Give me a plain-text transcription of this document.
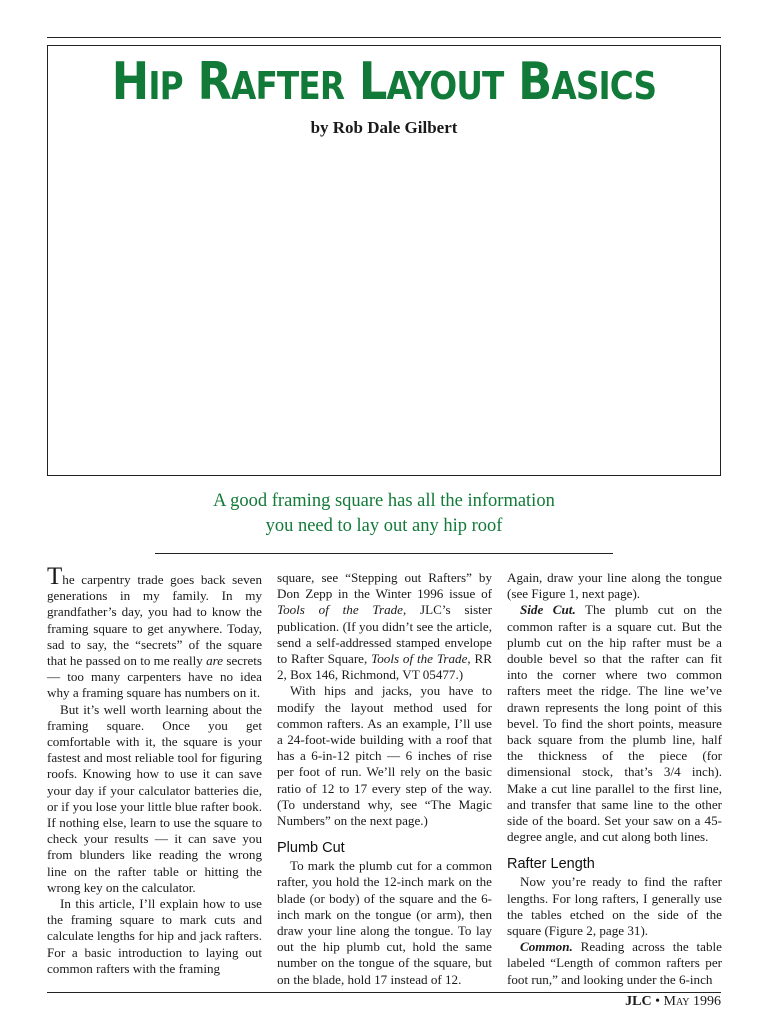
HIP RAFTER LAYOUT BASICS
by Rob Dale Gilbert
A good framing square has all the information
you need to lay out any hip roof

The carpentry trade goes back seven generations in my family. In my grandfather’s day, you had to know the framing square to get anywhere. Today, sad to say, the “secrets” of the square that he passed on to me really are secrets — too many carpenters have no idea why a framing square has numbers on it.

But it’s well worth learning about the framing square. Once you get comfortable with it, the square is your fastest and most reliable tool for figuring roofs. Knowing how to use it can save your day if your calculator batteries die, or if you lose your little blue rafter book. If nothing else, learn to use the square to check your results — it can save you from blunders like reading the wrong line on the rafter table or hitting the wrong key on the calculator.

In this article, I’ll explain how to use the framing square to mark cuts and calculate lengths for hip and jack rafters. For a basic introduction to laying out common rafters with the framing

square, see “Stepping out Rafters” by Don Zepp in the Winter 1996 issue of Tools of the Trade, JLC’s sister publication. (If you didn’t see the article, send a self-addressed stamped envelope to Rafter Square, Tools of the Trade, RR 2, Box 146, Richmond, VT 05477.)

With hips and jacks, you have to modify the layout method used for common rafters. As an example, I’ll use a 24-foot-wide building with a roof that has a 6-in-12 pitch — 6 inches of rise per foot of run. We’ll rely on the basic ratio of 12 to 17 every step of the way. (To understand why, see “The Magic Numbers” on the next page.)

Plumb Cut

To mark the plumb cut for a common rafter, you hold the 12-inch mark on the blade (or body) of the square and the 6-inch mark on the tongue (or arm), then draw your line along the tongue. To lay out the hip plumb cut, hold the same number on the tongue of the square, but on the blade, hold 17 instead of 12.

Again, draw your line along the tongue (see Figure 1, next page).

Side Cut. The plumb cut on the common rafter is a square cut. But the plumb cut on the hip rafter must be a double bevel so that the rafter can fit into the corner where two common rafters meet the ridge. The line we’ve drawn represents the long point of this bevel. To find the short points, measure back square from the plumb line, half the thickness of the piece (for dimensional stock, that’s 3/4 inch). Make a cut line parallel to the first line, and transfer that same line to the other side of the board. Set your saw on a 45-degree angle, and cut along both lines.

Rafter Length

Now you’re ready to find the rafter lengths. For long rafters, I generally use the tables etched on the side of the square (Figure 2, page 31).

Common. Reading across the table labeled “Length of common rafters per foot run,” and looking under the 6-inch

JLC • May 1996
